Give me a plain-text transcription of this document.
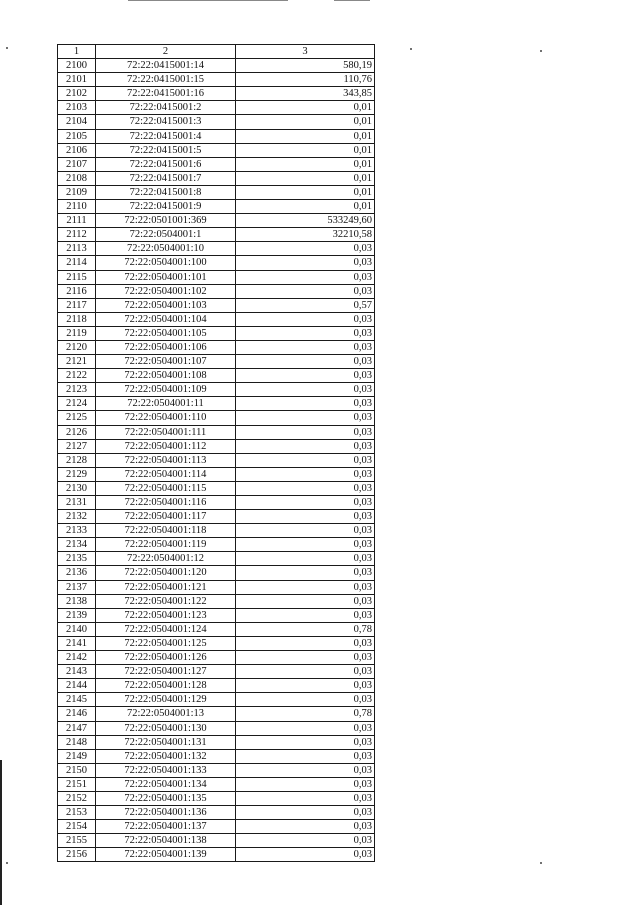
1	2	3
2100	72:22:0415001:14	580,19
2101	72:22:0415001:15	110,76
2102	72:22:0415001:16	343,85
2103	72:22:0415001:2	0,01
2104	72:22:0415001:3	0,01
2105	72:22:0415001:4	0,01
2106	72:22:0415001:5	0,01
2107	72:22:0415001:6	0,01
2108	72:22:0415001:7	0,01
2109	72:22:0415001:8	0,01
2110	72:22:0415001:9	0,01
2111	72:22:0501001:369	533249,60
2112	72:22:0504001:1	32210,58
2113	72:22:0504001:10	0,03
2114	72:22:0504001:100	0,03
2115	72:22:0504001:101	0,03
2116	72:22:0504001:102	0,03
2117	72:22:0504001:103	0,57
2118	72:22:0504001:104	0,03
2119	72:22:0504001:105	0,03
2120	72:22:0504001:106	0,03
2121	72:22:0504001:107	0,03
2122	72:22:0504001:108	0,03
2123	72:22:0504001:109	0,03
2124	72:22:0504001:11	0,03
2125	72:22:0504001:110	0,03
2126	72:22:0504001:111	0,03
2127	72:22:0504001:112	0,03
2128	72:22:0504001:113	0,03
2129	72:22:0504001:114	0,03
2130	72:22:0504001:115	0,03
2131	72:22:0504001:116	0,03
2132	72:22:0504001:117	0,03
2133	72:22:0504001:118	0,03
2134	72:22:0504001:119	0,03
2135	72:22:0504001:12	0,03
2136	72:22:0504001:120	0,03
2137	72:22:0504001:121	0,03
2138	72:22:0504001:122	0,03
2139	72:22:0504001:123	0,03
2140	72:22:0504001:124	0,78
2141	72:22:0504001:125	0,03
2142	72:22:0504001:126	0,03
2143	72:22:0504001:127	0,03
2144	72:22:0504001:128	0,03
2145	72:22:0504001:129	0,03
2146	72:22:0504001:13	0,78
2147	72:22:0504001:130	0,03
2148	72:22:0504001:131	0,03
2149	72:22:0504001:132	0,03
2150	72:22:0504001:133	0,03
2151	72:22:0504001:134	0,03
2152	72:22:0504001:135	0,03
2153	72:22:0504001:136	0,03
2154	72:22:0504001:137	0,03
2155	72:22:0504001:138	0,03
2156	72:22:0504001:139	0,03
